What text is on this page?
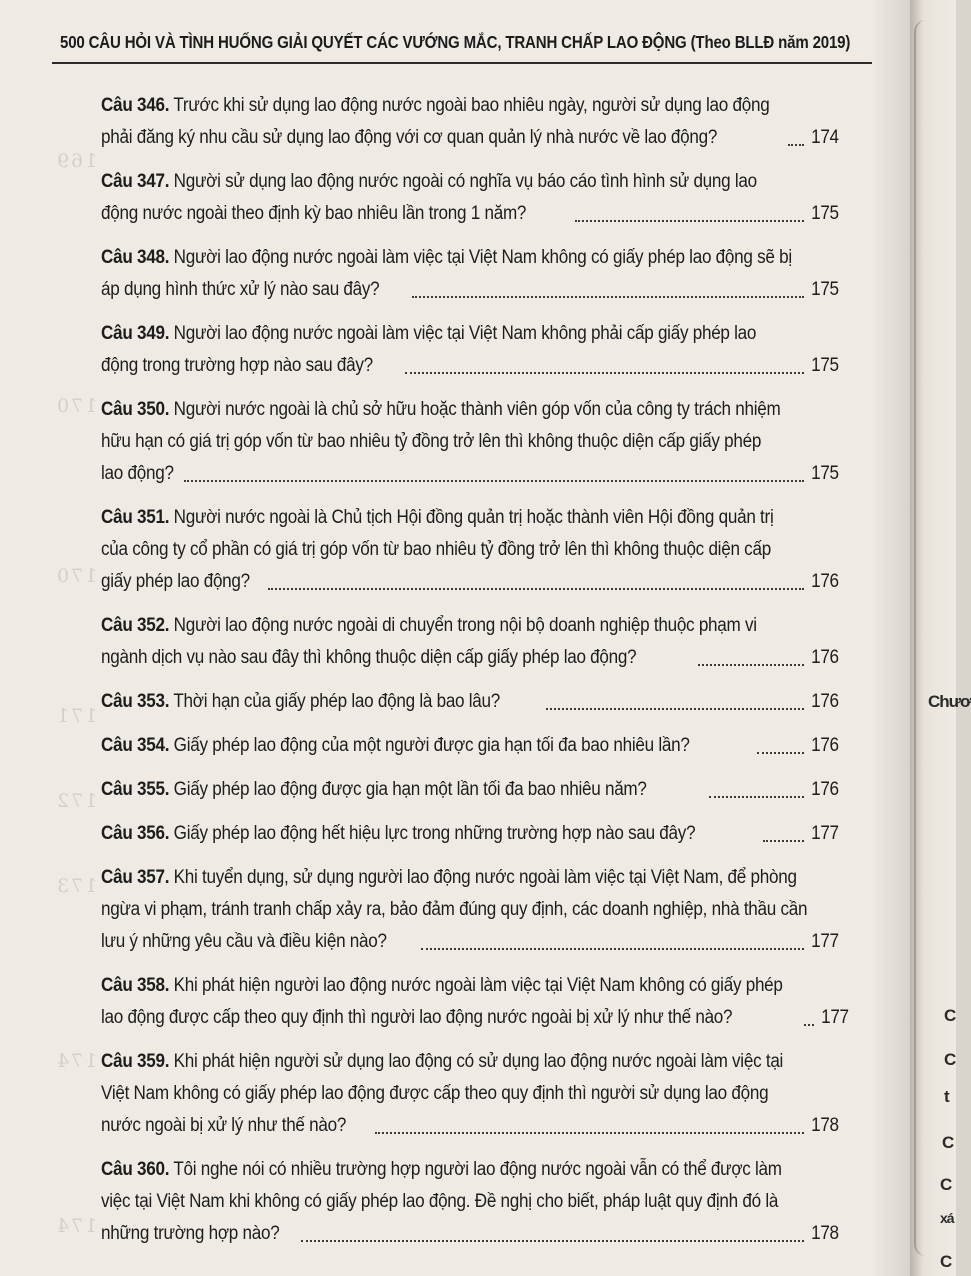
169
170
170
171
172
173
174
174
500 CÂU HỎI VÀ TÌNH HUỐNG GIẢI QUYẾT CÁC VƯỚNG MẮC, TRANH CHẤP LAO ĐỘNG (Theo BLLĐ năm 2019)
Câu 346. Trước khi sử dụng lao động nước ngoài bao nhiêu ngày, người sử dụng lao động
phải đăng ký nhu cầu sử dụng lao động với cơ quan quản lý nhà nước về lao động?	174
Câu 347. Người sử dụng lao động nước ngoài có nghĩa vụ báo cáo tình hình sử dụng lao
động nước ngoài theo định kỳ bao nhiêu lần trong 1 năm?	175
Câu 348. Người lao động nước ngoài làm việc tại Việt Nam không có giấy phép lao động sẽ bị
áp dụng hình thức xử lý nào sau đây?	175
Câu 349. Người lao động nước ngoài làm việc tại Việt Nam không phải cấp giấy phép lao
động trong trường hợp nào sau đây?	175
Câu 350. Người nước ngoài là chủ sở hữu hoặc thành viên góp vốn của công ty trách nhiệm
hữu hạn có giá trị góp vốn từ bao nhiêu tỷ đồng trở lên thì không thuộc diện cấp giấy phép
lao động?	175
Câu 351. Người nước ngoài là Chủ tịch Hội đồng quản trị hoặc thành viên Hội đồng quản trị
của công ty cổ phần có giá trị góp vốn từ bao nhiêu tỷ đồng trở lên thì không thuộc diện cấp
giấy phép lao động?	176
Câu 352. Người lao động nước ngoài di chuyển trong nội bộ doanh nghiệp thuộc phạm vi
ngành dịch vụ nào sau đây thì không thuộc diện cấp giấy phép lao động?	176
Câu 353. Thời hạn của giấy phép lao động là bao lâu?	176
Câu 354. Giấy phép lao động của một người được gia hạn tối đa bao nhiêu lần?	176
Câu 355. Giấy phép lao động được gia hạn một lần tối đa bao nhiêu năm?	176
Câu 356. Giấy phép lao động hết hiệu lực trong những trường hợp nào sau đây?	177
Câu 357. Khi tuyển dụng, sử dụng người lao động nước ngoài làm việc tại Việt Nam, để phòng
ngừa vi phạm, tránh tranh chấp xảy ra, bảo đảm đúng quy định, các doanh nghiệp, nhà thầu cần
lưu ý những yêu cầu và điều kiện nào?	177
Câu 358. Khi phát hiện người lao động nước ngoài làm việc tại Việt Nam không có giấy phép
lao động được cấp theo quy định thì người lao động nước ngoài bị xử lý như thế nào?	177
Câu 359. Khi phát hiện người sử dụng lao động có sử dụng lao động nước ngoài làm việc tại
Việt Nam không có giấy phép lao động được cấp theo quy định thì người sử dụng lao động
nước ngoài bị xử lý như thế nào?	178
Câu 360. Tôi nghe nói có nhiều trường hợp người lao động nước ngoài vẫn có thể được làm
việc tại Việt Nam khi không có giấy phép lao động. Đề nghị cho biết, pháp luật quy định đó là
những trường hợp nào?	178
Chươ
t
C
C
C
C
xá
C
